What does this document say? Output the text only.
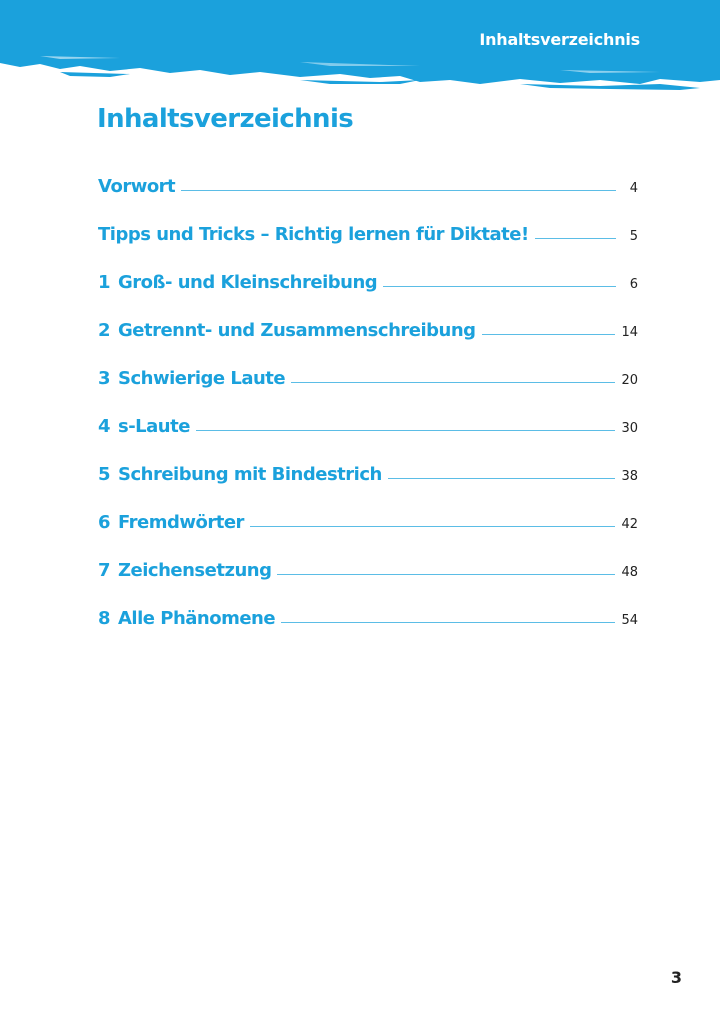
Inhaltsverzeichnis
Inhaltsverzeichnis
Vorwort	4
Tipps und Tricks – Richtig lernen für Diktate!	5
1 Groß- und Kleinschreibung	6
2 Getrennt- und Zusammenschreibung	14
3 Schwierige Laute	20
4 s-Laute	30
5 Schreibung mit Bindestrich	38
6 Fremdwörter	42
7 Zeichensetzung	48
8 Alle Phänomene	54
3
